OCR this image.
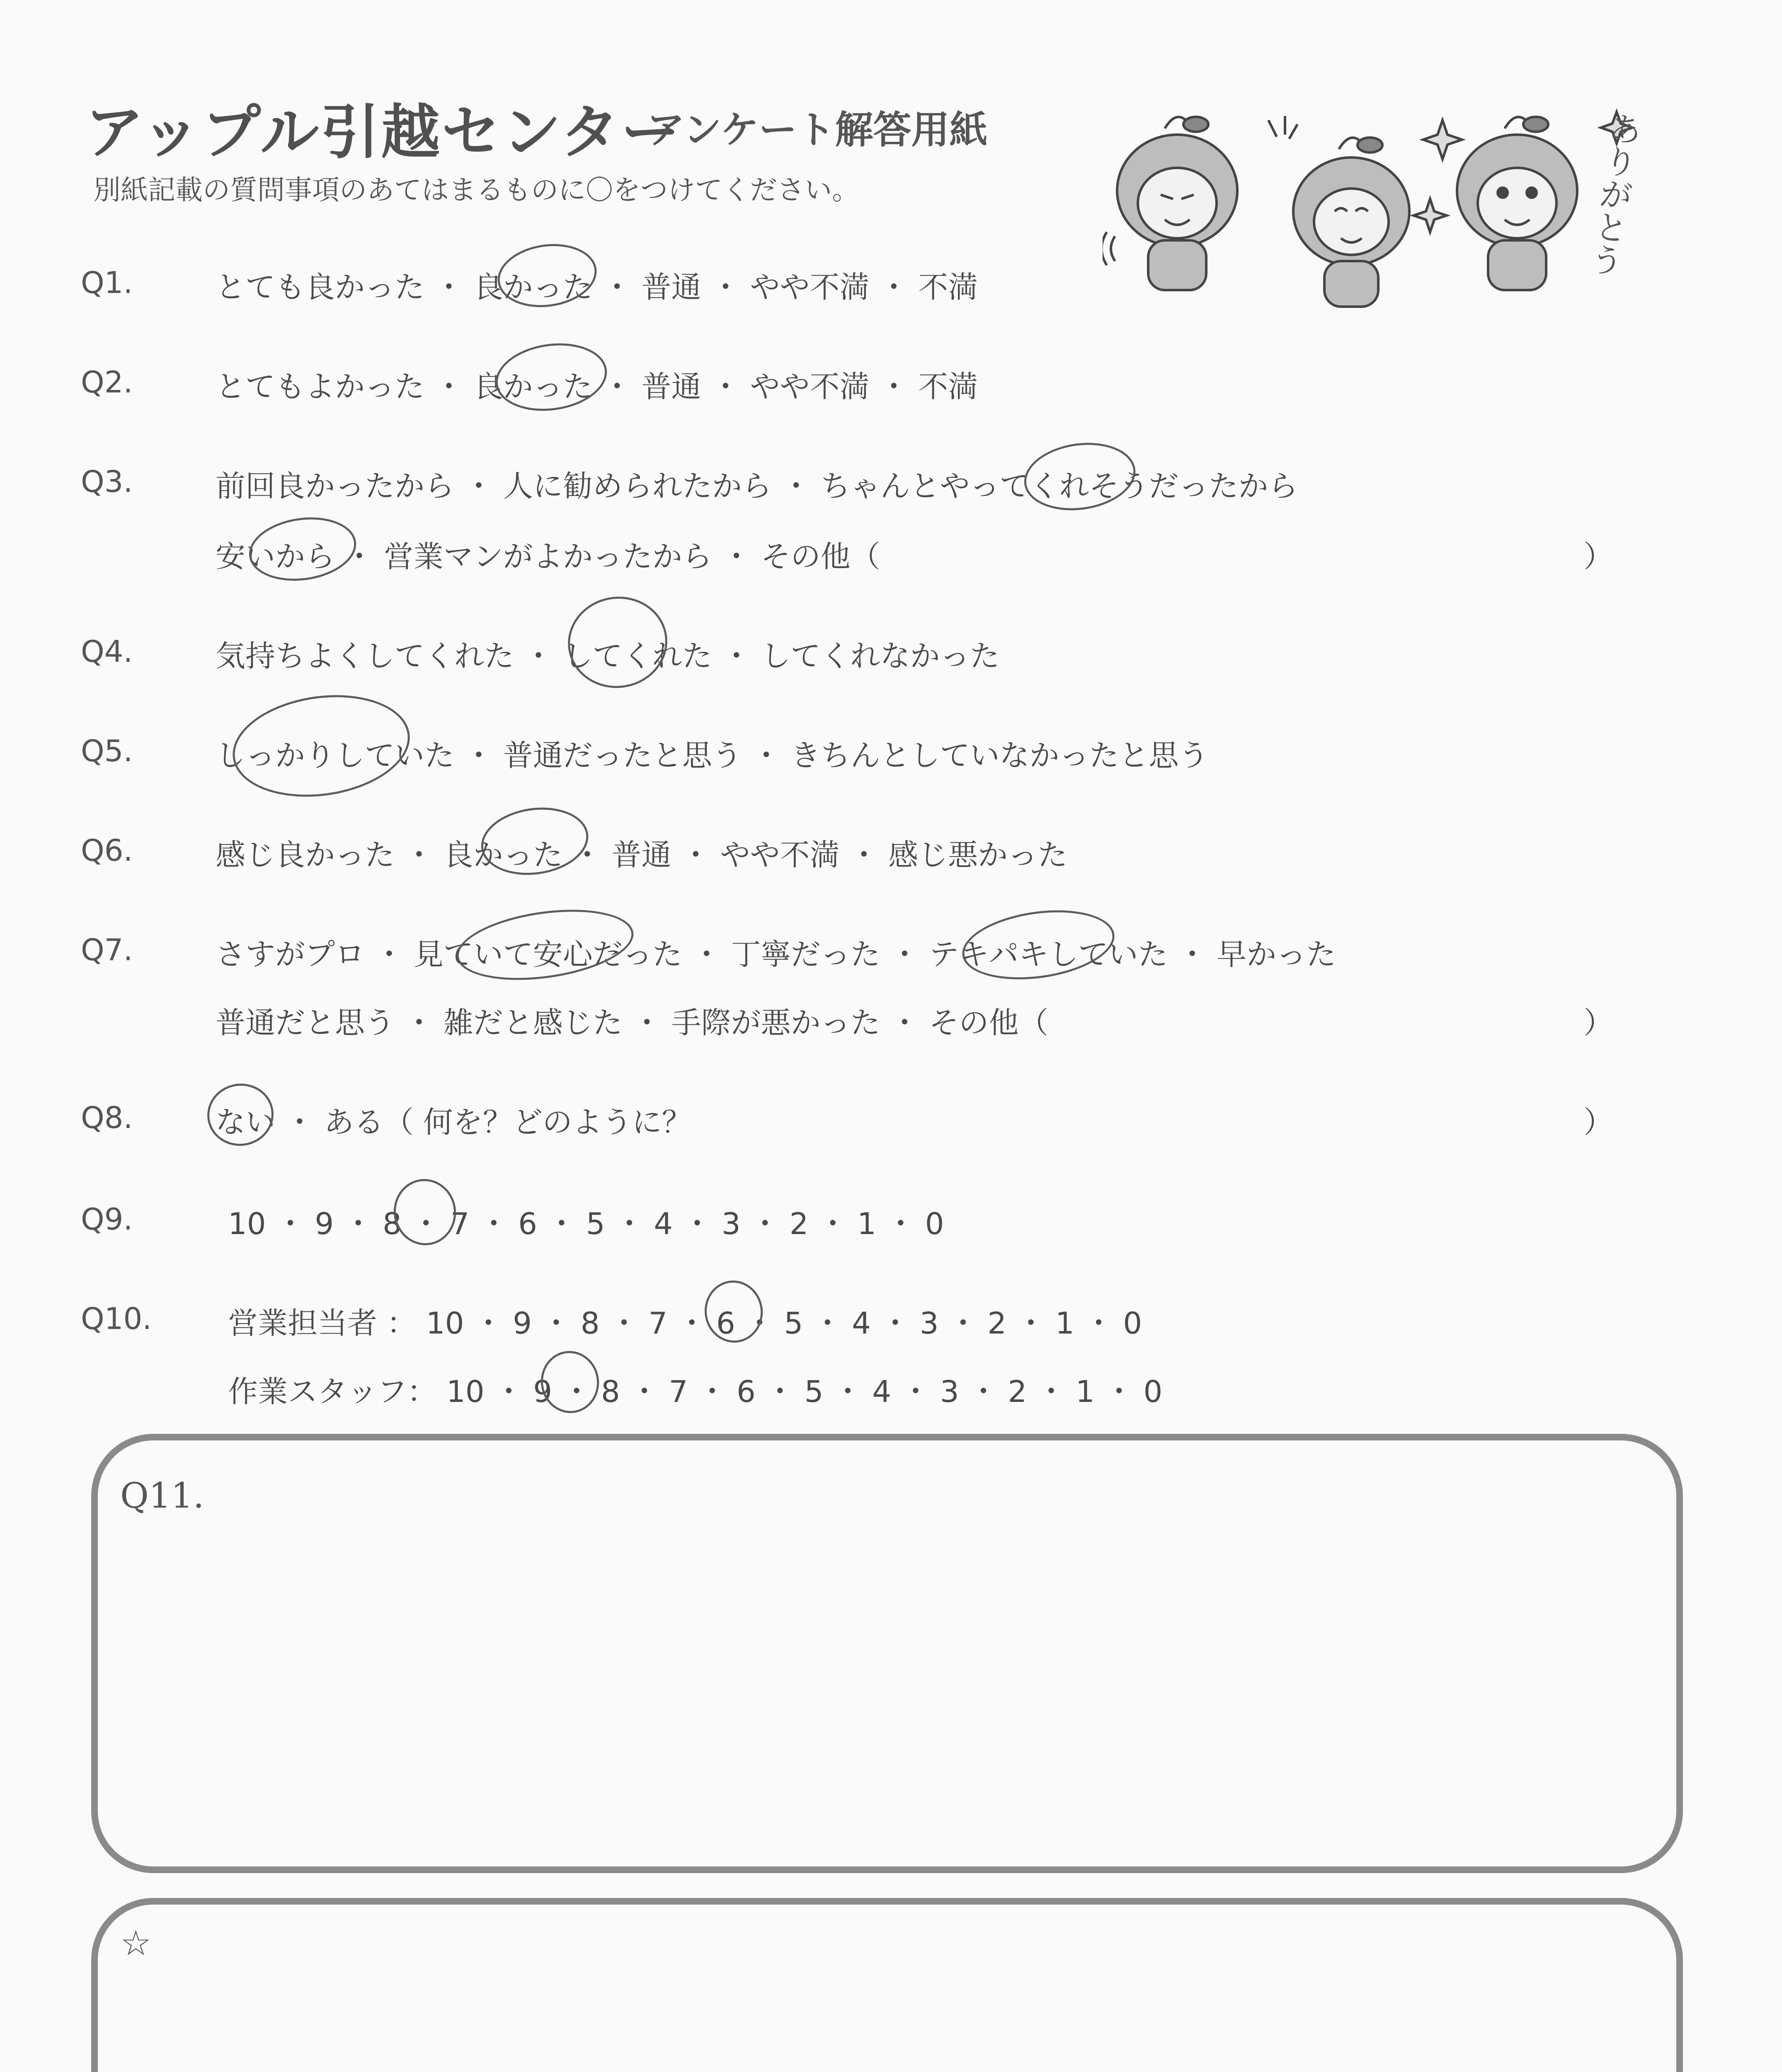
アップル引越センター
アンケート解答用紙
別紙記載の質問事項のあてはまるものに〇をつけてください。	ありがとう
Q1.	とても良かった ・ 良かった ・ 普通 ・ やや不満 ・ 不満
Q2.	とてもよかった ・ 良かった ・ 普通 ・ やや不満 ・ 不満
Q3.	前回良かったから ・ 人に勧められたから ・ ちゃんとやってくれそうだったから
安いから ・ 営業マンがよかったから ・ その他（	）
Q4.	気持ちよくしてくれた ・ してくれた ・ してくれなかった
Q5.	しっかりしていた ・ 普通だったと思う ・ きちんとしていなかったと思う
Q6.	感じ良かった ・ 良かった ・ 普通 ・ やや不満 ・ 感じ悪かった
Q7.	さすがプロ ・ 見ていて安心だった ・ 丁寧だった ・ テキパキしていた ・ 早かった
普通だと思う ・ 雑だと感じた ・ 手際が悪かった ・ その他（	）
Q8.	ない ・ ある（ 何を？どのように？	）
Q9.	10 ・ 9 ・ 8 ・ 7 ・ 6 ・ 5 ・ 4 ・ 3 ・ 2 ・ 1 ・ 0
Q10.	営業担当者 ： 10 ・ 9 ・ 8 ・ 7 ・ 6 ・ 5 ・ 4 ・ 3 ・ 2 ・ 1 ・ 0
作業スタッフ： 10 ・ 9 ・ 8 ・ 7 ・ 6 ・ 5 ・ 4 ・ 3 ・ 2 ・ 1 ・ 0
Q11.
☆
